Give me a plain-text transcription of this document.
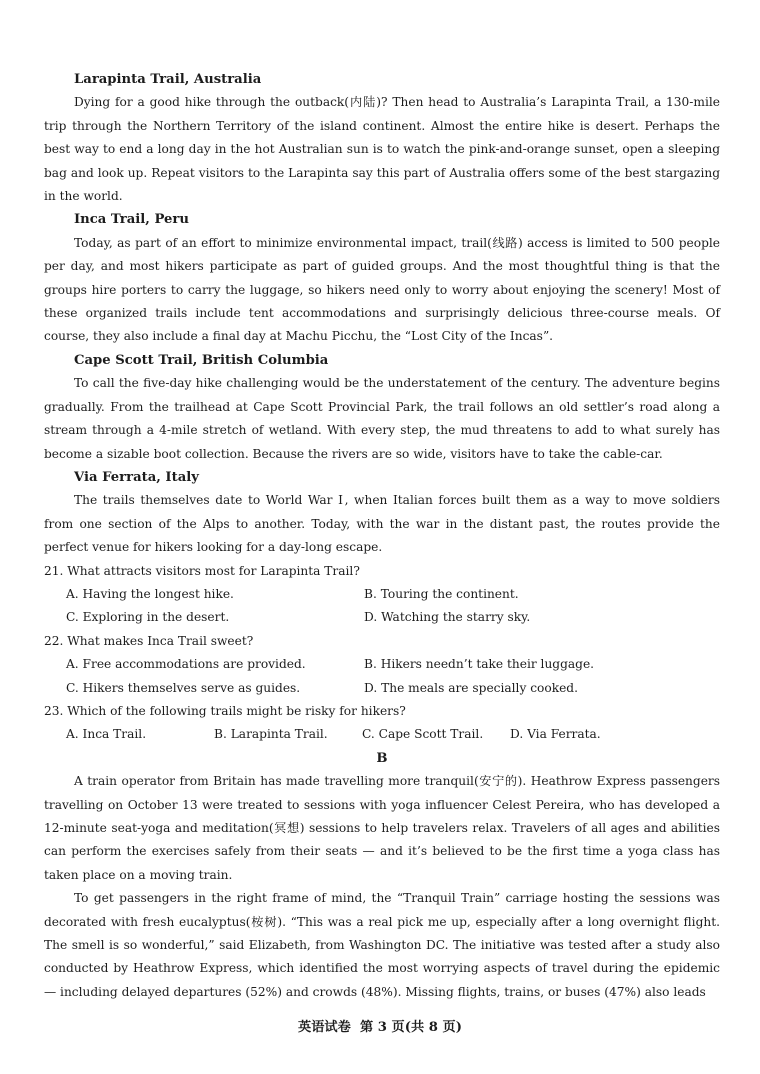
Larapinta Trail, Australia

Dying for a good hike through the outback(内陆)? Then head to Australia’s Larapinta Trail, a 130-mile trip through the Northern Territory of the island continent. Almost the entire hike is desert. Perhaps the best way to end a long day in the hot Australian sun is to watch the pink-and-orange sunset, open a sleeping bag and look up. Repeat visitors to the Larapinta say this part of Australia offers some of the best stargazing in the world.

Inca Trail, Peru

Today, as part of an effort to minimize environmental impact, trail(线路) access is limited to 500 people per day, and most hikers participate as part of guided groups. And the most thoughtful thing is that the groups hire porters to carry the luggage, so hikers need only to worry about enjoying the scenery! Most of these organized trails include tent accommodations and surprisingly delicious three-course meals. Of course, they also include a final day at Machu Picchu, the “Lost City of the Incas”.

Cape Scott Trail, British Columbia

To call the five-day hike challenging would be the understatement of the century. The adventure begins gradually. From the trailhead at Cape Scott Provincial Park, the trail follows an old settler’s road along a stream through a 4-mile stretch of wetland. With every step, the mud threatens to add to what surely has become a sizable boot collection. Because the rivers are so wide, visitors have to take the cable-car.

Via Ferrata, Italy

The trails themselves date to World War Ⅰ, when Italian forces built them as a way to move soldiers from one section of the Alps to another. Today, with the war in the distant past, the routes provide the perfect venue for hikers looking for a day-long escape.

21. What attracts visitors most for Larapinta Trail?

A. Having the longest hike.	B. Touring the continent.
C. Exploring in the desert.	D. Watching the starry sky.

22. What makes Inca Trail sweet?

A. Free accommodations are provided.	B. Hikers needn’t take their luggage.
C. Hikers themselves serve as guides.	D. The meals are specially cooked.

23. Which of the following trails might be risky for hikers?

A. Inca Trail.	B. Larapinta Trail.	C. Cape Scott Trail.	D. Via Ferrata.

B

A train operator from Britain has made travelling more tranquil(安宁的). Heathrow Express passengers travelling on October 13 were treated to sessions with yoga influencer Celest Pereira, who has developed a 12-minute seat-yoga and meditation(冥想) sessions to help travelers relax. Travelers of all ages and abilities can perform the exercises safely from their seats — and it’s believed to be the first time a yoga class has taken place on a moving train.

To get passengers in the right frame of mind, the “Tranquil Train” carriage hosting the sessions was decorated with fresh eucalyptus(桉树). “This was a real pick me up, especially after a long overnight flight. The smell is so wonderful,” said Elizabeth, from Washington DC. The initiative was tested after a study also conducted by Heathrow Express, which identified the most worrying aspects of travel during the epidemic — including delayed departures (52%) and crowds (48%). Missing flights, trains, or buses (47%) also leads

英语试卷 第 3 页(共 8 页)
